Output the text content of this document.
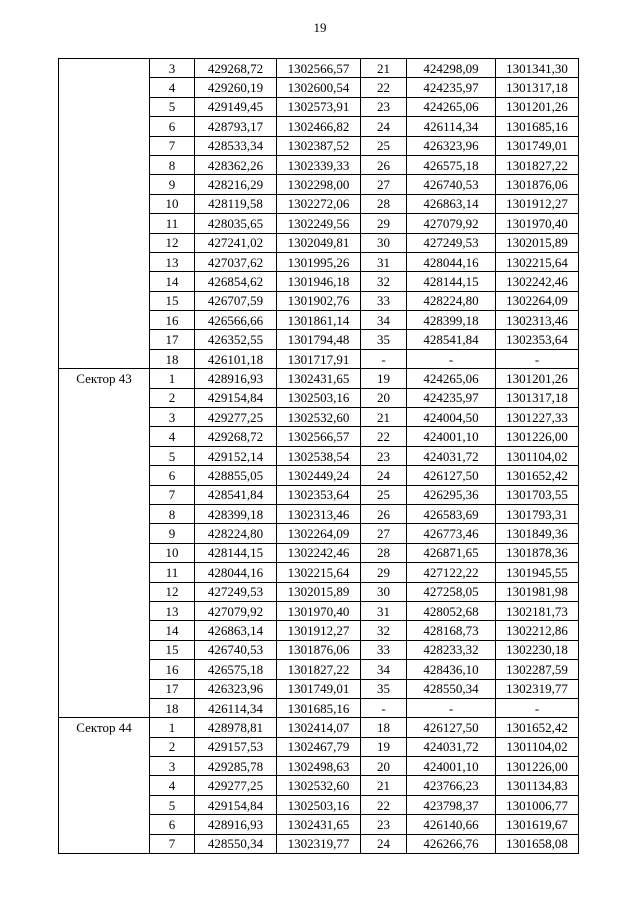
19
	3	429268,72	1302566,57	21	424298,09	1301341,30
	4	429260,19	1302600,54	22	424235,97	1301317,18
	5	429149,45	1302573,91	23	424265,06	1301201,26
	6	428793,17	1302466,82	24	426114,34	1301685,16
	7	428533,34	1302387,52	25	426323,96	1301749,01
	8	428362,26	1302339,33	26	426575,18	1301827,22
	9	428216,29	1302298,00	27	426740,53	1301876,06
	10	428119,58	1302272,06	28	426863,14	1301912,27
	11	428035,65	1302249,56	29	427079,92	1301970,40
	12	427241,02	1302049,81	30	427249,53	1302015,89
	13	427037,62	1301995,26	31	428044,16	1302215,64
	14	426854,62	1301946,18	32	428144,15	1302242,46
	15	426707,59	1301902,76	33	428224,80	1302264,09
	16	426566,66	1301861,14	34	428399,18	1302313,46
	17	426352,55	1301794,48	35	428541,84	1302353,64
	18	426101,18	1301717,91	-	-	-
Сектор 43	1	428916,93	1302431,65	19	424265,06	1301201,26
	2	429154,84	1302503,16	20	424235,97	1301317,18
	3	429277,25	1302532,60	21	424004,50	1301227,33
	4	429268,72	1302566,57	22	424001,10	1301226,00
	5	429152,14	1302538,54	23	424031,72	1301104,02
	6	428855,05	1302449,24	24	426127,50	1301652,42
	7	428541,84	1302353,64	25	426295,36	1301703,55
	8	428399,18	1302313,46	26	426583,69	1301793,31
	9	428224,80	1302264,09	27	426773,46	1301849,36
	10	428144,15	1302242,46	28	426871,65	1301878,36
	11	428044,16	1302215,64	29	427122,22	1301945,55
	12	427249,53	1302015,89	30	427258,05	1301981,98
	13	427079,92	1301970,40	31	428052,68	1302181,73
	14	426863,14	1301912,27	32	428168,73	1302212,86
	15	426740,53	1301876,06	33	428233,32	1302230,18
	16	426575,18	1301827,22	34	428436,10	1302287,59
	17	426323,96	1301749,01	35	428550,34	1302319,77
	18	426114,34	1301685,16	-	-	-
Сектор 44	1	428978,81	1302414,07	18	426127,50	1301652,42
	2	429157,53	1302467,79	19	424031,72	1301104,02
	3	429285,78	1302498,63	20	424001,10	1301226,00
	4	429277,25	1302532,60	21	423766,23	1301134,83
	5	429154,84	1302503,16	22	423798,37	1301006,77
	6	428916,93	1302431,65	23	426140,66	1301619,67
	7	428550,34	1302319,77	24	426266,76	1301658,08
